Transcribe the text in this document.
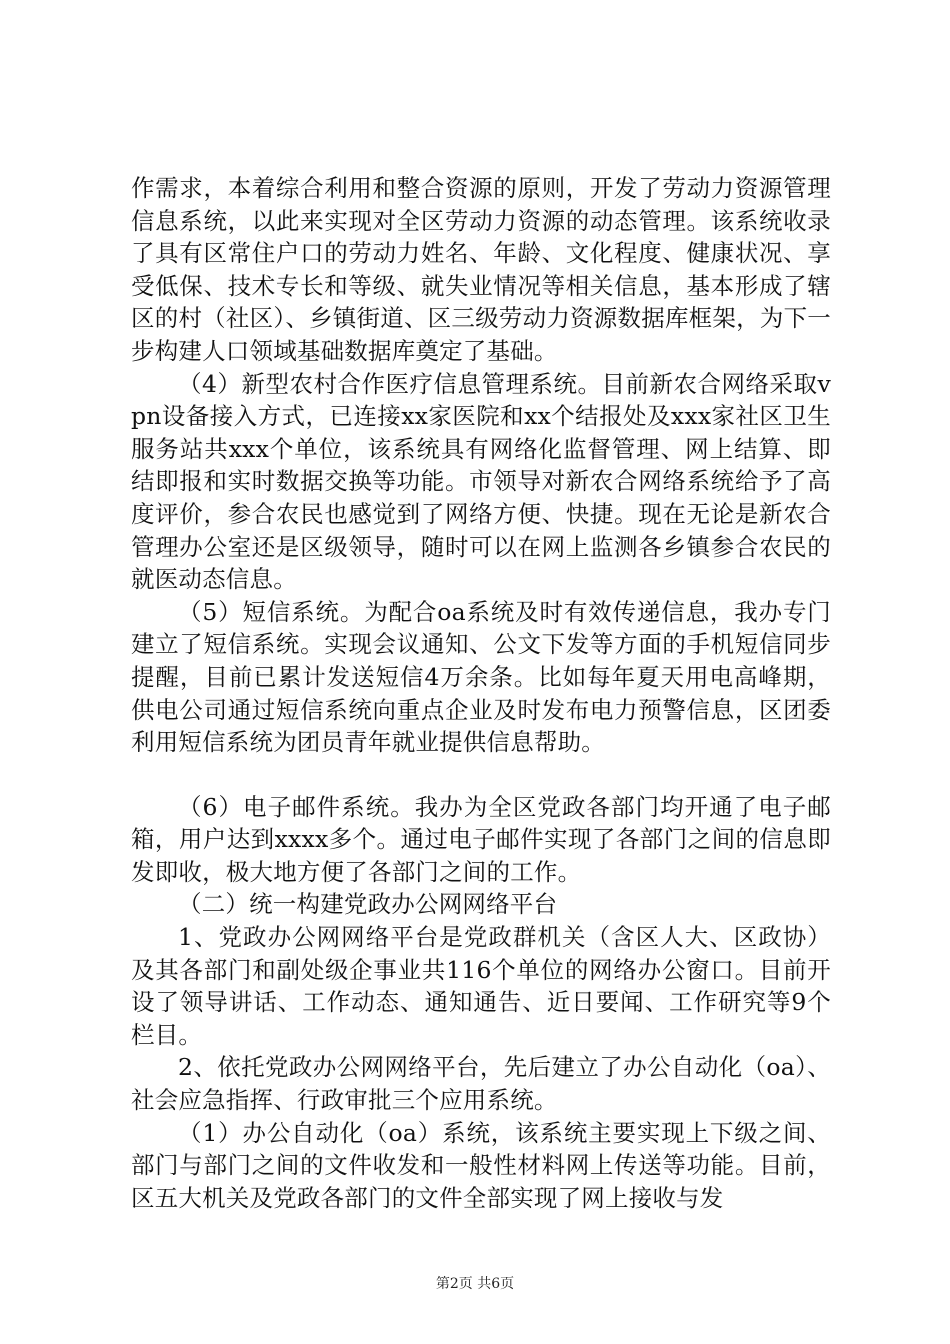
作需求，本着综合利用和整合资源的原则，开发了劳动力资源管理信息系统，以此来实现对全区劳动力资源的动态管理。该系统收录了具有区常住户口的劳动力姓名、年龄、文化程度、健康状况、享受低保、技术专长和等级、就失业情况等相关信息，基本形成了辖区的村（社区）、乡镇街道、区三级劳动力资源数据库框架，为下一步构建人口领域基础数据库奠定了基础。

（4）新型农村合作医疗信息管理系统。目前新农合网络采取vpn设备接入方式，已连接xx家医院和xx个结报处及xxx家社区卫生服务站共xxx个单位，该系统具有网络化监督管理、网上结算、即结即报和实时数据交换等功能。市领导对新农合网络系统给予了高度评价，参合农民也感觉到了网络方便、快捷。现在无论是新农合管理办公室还是区级领导，随时可以在网上监测各乡镇参合农民的就医动态信息。

（5）短信系统。为配合oa系统及时有效传递信息，我办专门建立了短信系统。实现会议通知、公文下发等方面的手机短信同步提醒，目前已累计发送短信4万余条。比如每年夏天用电高峰期，供电公司通过短信系统向重点企业及时发布电力预警信息，区团委利用短信系统为团员青年就业提供信息帮助。

（6）电子邮件系统。我办为全区党政各部门均开通了电子邮箱，用户达到xxxx多个。通过电子邮件实现了各部门之间的信息即发即收，极大地方便了各部门之间的工作。

（二）统一构建党政办公网网络平台

1、党政办公网网络平台是党政群机关（含区人大、区政协）及其各部门和副处级企事业共116个单位的网络办公窗口。目前开设了领导讲话、工作动态、通知通告、近日要闻、工作研究等9个栏目。

2、依托党政办公网网络平台，先后建立了办公自动化（oa）、社会应急指挥、行政审批三个应用系统。

（1）办公自动化（oa）系统，该系统主要实现上下级之间、部门与部门之间的文件收发和一般性材料网上传送等功能。目前，区五大机关及党政各部门的文件全部实现了网上接收与发

第2页 共6页
